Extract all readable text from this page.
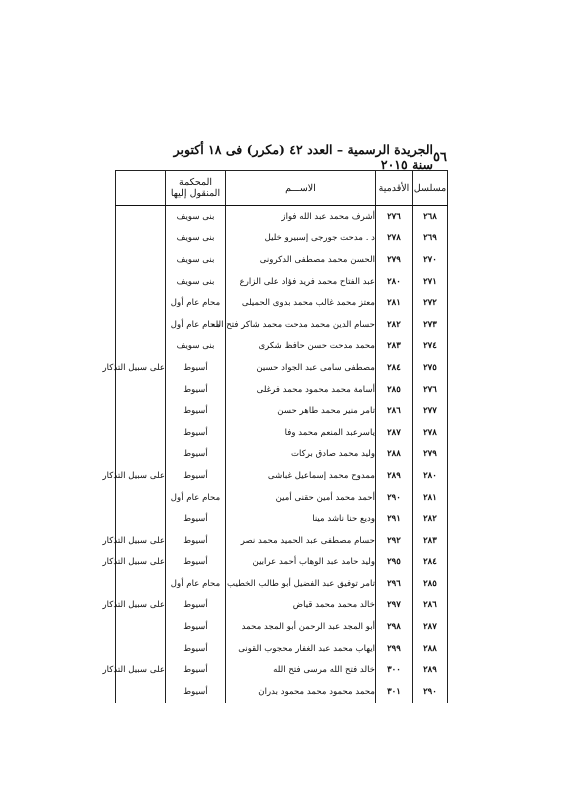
٥٦
الجريدة الرسمية – العدد ٤٢ (مكرر) فى ١٨ أكتوبر سنة ٢٠١٥
مسلسل	الأقدمية	الاســـم	المحكمة المنقول إليها	
٢٦٨	٢٧٦	أشرف محمد عبد الله فواز	بنى سويف	
٢٦٩	٢٧٨	د . مدحت جورجى إسبيرو خليل	بنى سويف	
٢٧٠	٢٧٩	الحسن محمد مصطفى الدكرونى	بنى سويف	
٢٧١	٢٨٠	عبد الفتاح محمد فريد فؤاد على الزارع	بنى سويف	
٢٧٢	٢٨١	معتز محمد غالب محمد بدوى الحميلى	محام عام أول	
٢٧٣	٢٨٢	حسام الدين محمد مدحت محمد شاكر فتح الله	محام عام أول	
٢٧٤	٢٨٣	محمد مدحت حسن حافظ شكرى	بنى سويف	
٢٧٥	٢٨٤	مصطفى سامى عبد الجواد حسين	أسيوط	على سبيل التذكار
٢٧٦	٢٨٥	أسامة محمد محمود محمد فرغلى	أسيوط	
٢٧٧	٢٨٦	تامر منير محمد طاهر حسن	أسيوط	
٢٧٨	٢٨٧	ياسرعبد المنعم محمد وفا	أسيوط	
٢٧٩	٢٨٨	وليد محمد صادق بركات	أسيوط	
٢٨٠	٢٨٩	ممدوح محمد إسماعيل غباشى	أسيوط	على سبيل التذكار
٢٨١	٢٩٠	أحمد محمد أمين حقنى أمين	محام عام أول	
٢٨٢	٢٩١	وديع حنا ناشد مينا	أسيوط	
٢٨٣	٢٩٢	حسام مصطفى عبد الحميد محمد نصر	أسيوط	على سبيل التذكار
٢٨٤	٢٩٥	وليد حامد عبد الوهاب أحمد عرابين	أسيوط	على سبيل التذكار
٢٨٥	٢٩٦	تامر توفيق عبد الفضيل أبو طالب الخطيب	محام عام أول	
٢٨٦	٢٩٧	خالد محمد محمد قياض	أسيوط	على سبيل التذكار
٢٨٧	٢٩٨	أبو المجد عبد الرحمن أبو المجد محمد	أسيوط	
٢٨٨	٢٩٩	ايهاب محمد عبد الغفار محجوب القونى	أسيوط	
٢٨٩	٣٠٠	خالد فتح الله مرسى فتح الله	أسيوط	على سبيل التذكار
٢٩٠	٣٠١	محمد محمود محمد محمود بدران	أسيوط	
